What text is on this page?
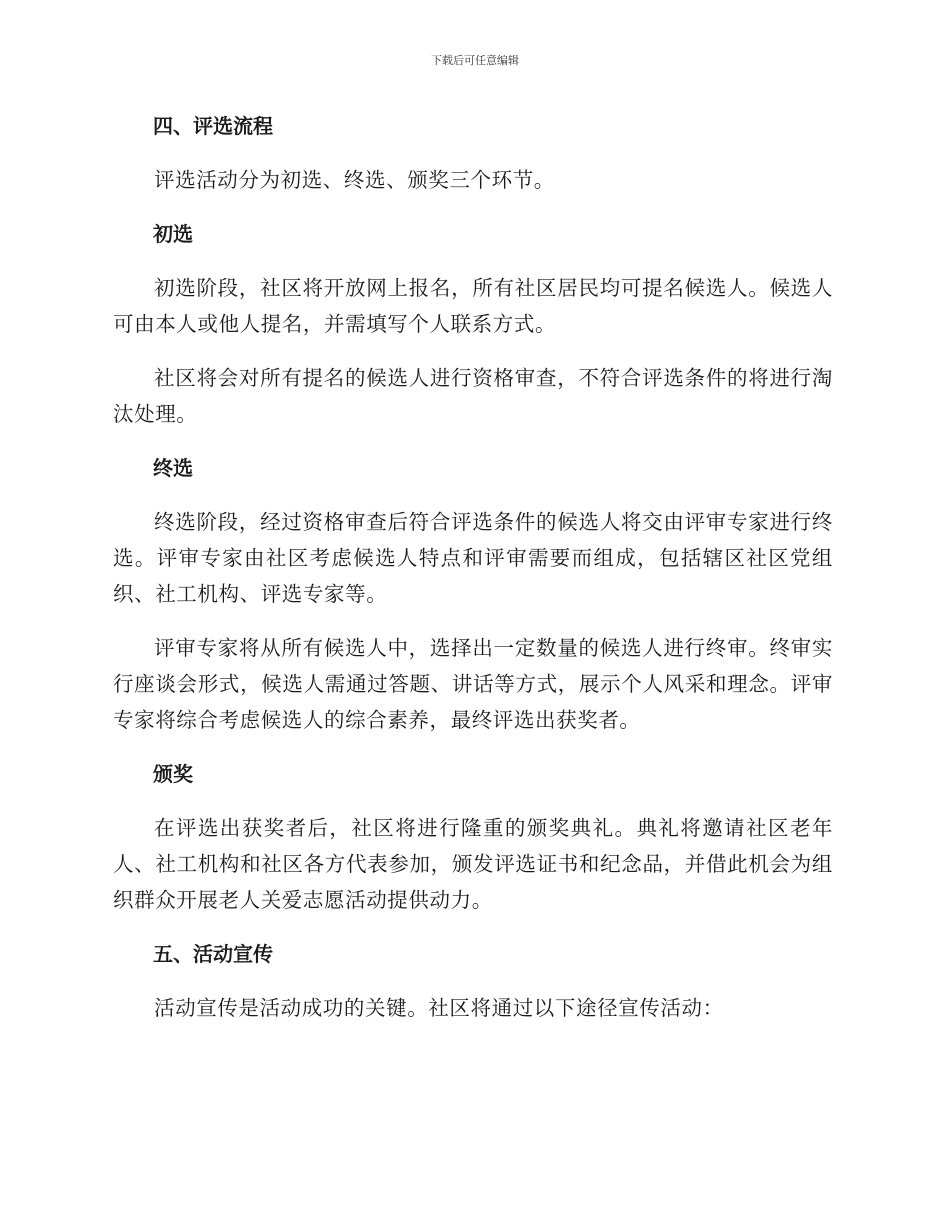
下载后可任意编辑

四、评选流程

评选活动分为初选、终选、颁奖三个环节。

初选

初选阶段，社区将开放网上报名，所有社区居民均可提名候选人。候选人可由本人或他人提名，并需填写个人联系方式。

社区将会对所有提名的候选人进行资格审查，不符合评选条件的将进行淘汰处理。

终选

终选阶段，经过资格审查后符合评选条件的候选人将交由评审专家进行终选。评审专家由社区考虑候选人特点和评审需要而组成，包括辖区社区党组织、社工机构、评选专家等。

评审专家将从所有候选人中，选择出一定数量的候选人进行终审。终审实行座谈会形式，候选人需通过答题、讲话等方式，展示个人风采和理念。评审专家将综合考虑候选人的综合素养，最终评选出获奖者。

颁奖

在评选出获奖者后，社区将进行隆重的颁奖典礼。典礼将邀请社区老年人、社工机构和社区各方代表参加，颁发评选证书和纪念品，并借此机会为组织群众开展老人关爱志愿活动提供动力。

五、活动宣传

活动宣传是活动成功的关键。社区将通过以下途径宣传活动：
